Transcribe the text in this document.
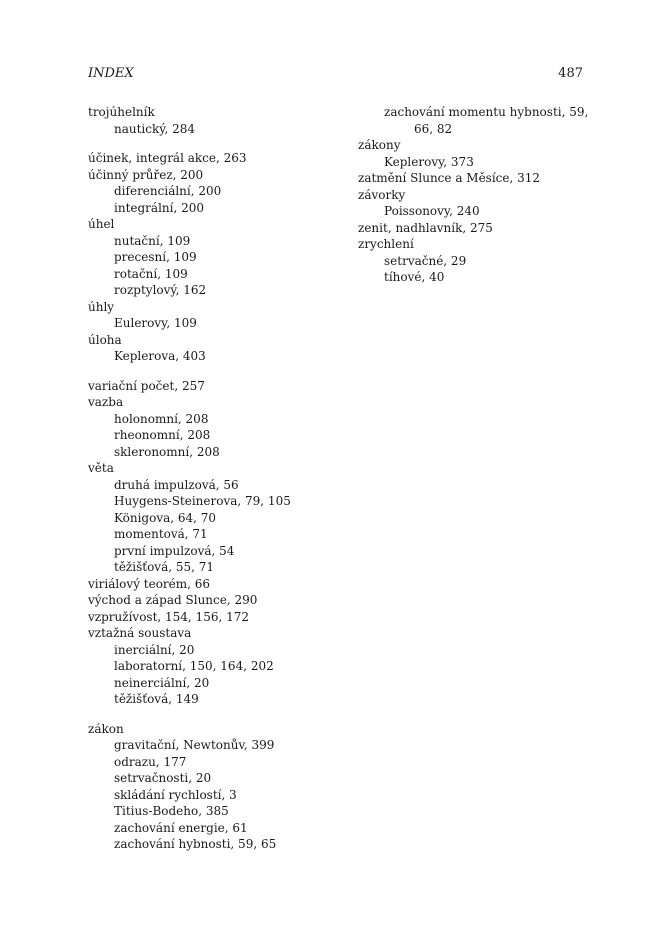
INDEX	487
trojúhelník
nautický, 284
účinek, integrál akce, 263
účinný průřez, 200
diferenciální, 200
integrální, 200
úhel
nutační, 109
precesní, 109
rotační, 109
rozptylový, 162
úhly
Eulerovy, 109
úloha
Keplerova, 403
variační počet, 257
vazba
holonomní, 208
rheonomní, 208
skleronomní, 208
věta
druhá impulzová, 56
Huygens-Steinerova, 79, 105
Königova, 64, 70
momentová, 71
první impulzová, 54
těžišťová, 55, 71
viriálový teorém, 66
východ a západ Slunce, 290
vzpružívost, 154, 156, 172
vztažná soustava
inerciální, 20
laboratorní, 150, 164, 202
neinerciální, 20
těžišťová, 149
zákon
gravitační, Newtonův, 399
odrazu, 177
setrvačnosti, 20
skládání rychlostí, 3
Titius-Bodeho, 385
zachování energie, 61
zachování hybnosti, 59, 65
zachování momentu hybnosti, 59,
66, 82
zákony
Keplerovy, 373
zatmění Slunce a Měsíce, 312
závorky
Poissonovy, 240
zenit, nadhlavník, 275
zrychlení
setrvačné, 29
tíhové, 40
